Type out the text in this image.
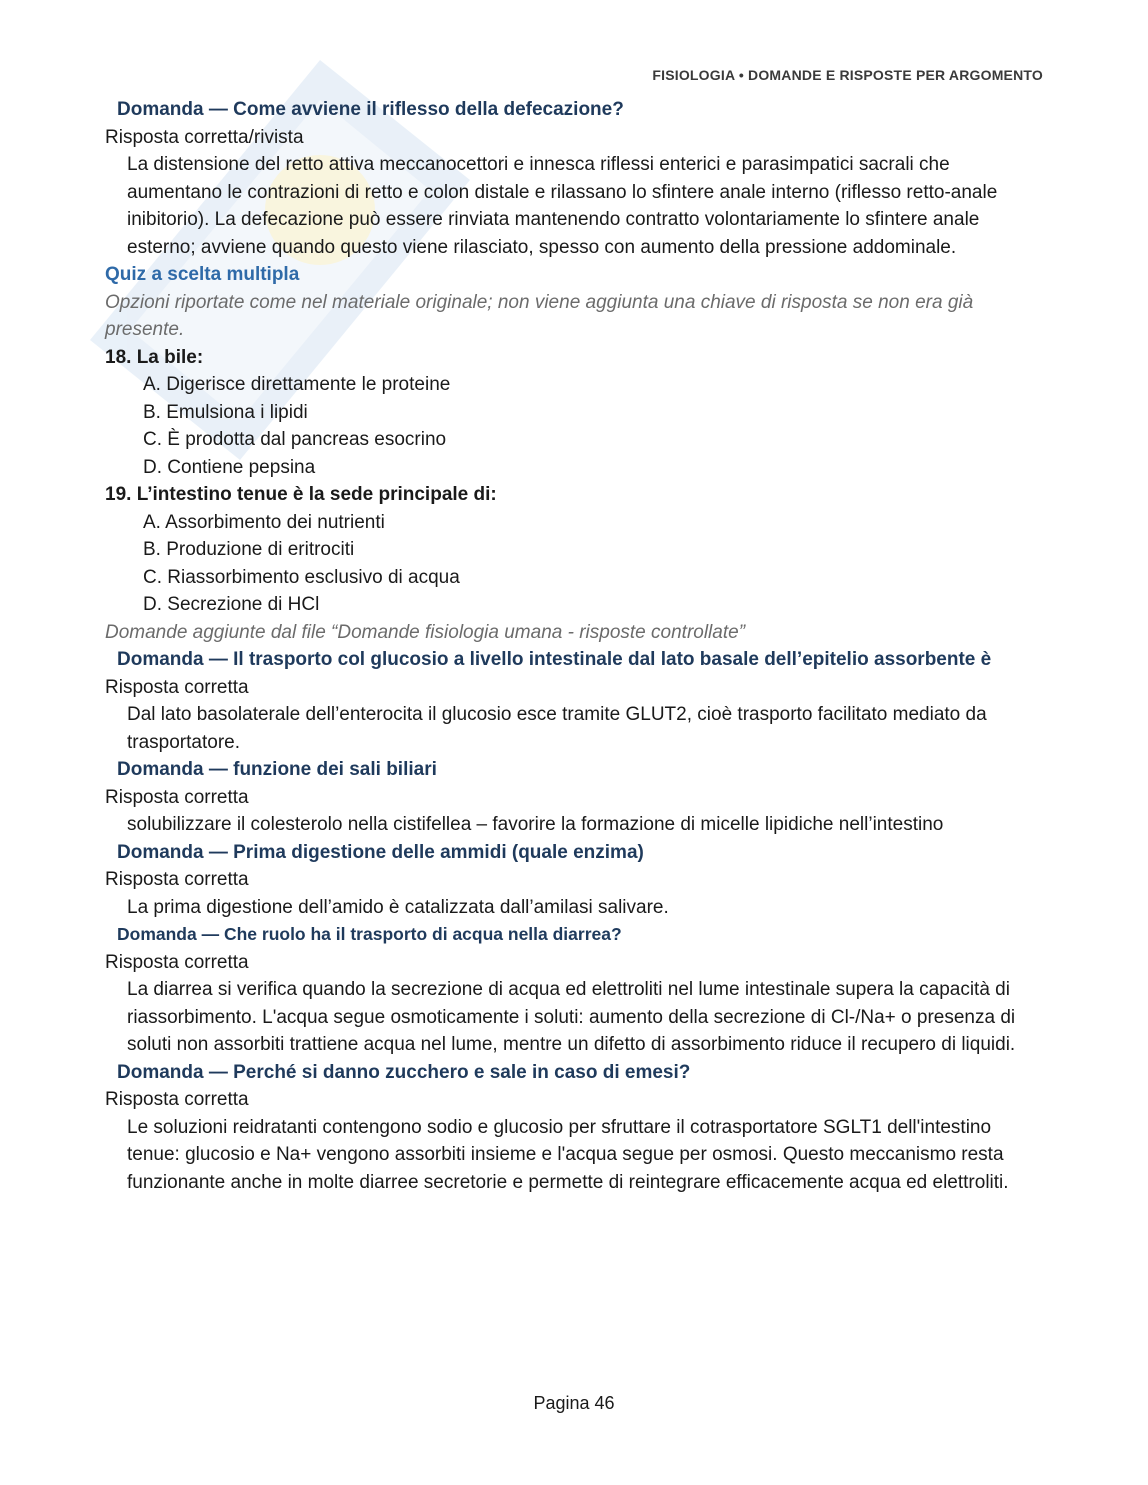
FISIOLOGIA • DOMANDE E RISPOSTE PER ARGOMENTO
Domanda — Come avviene il riflesso della defecazione?
Risposta corretta/rivista
La distensione del retto attiva meccanocettori e innesca riflessi enterici e parasimpatici sacrali che aumentano le contrazioni di retto e colon distale e rilassano lo sfintere anale interno (riflesso retto-anale inibitorio). La defecazione può essere rinviata mantenendo contratto volontariamente lo sfintere anale esterno; avviene quando questo viene rilasciato, spesso con aumento della pressione addominale.
Quiz a scelta multipla
Opzioni riportate come nel materiale originale; non viene aggiunta una chiave di risposta se non era già presente.
18. La bile:
A. Digerisce direttamente le proteine
B. Emulsiona i lipidi
C. È prodotta dal pancreas esocrino
D. Contiene pepsina
19. L’intestino tenue è la sede principale di:
A. Assorbimento dei nutrienti
B. Produzione di eritrociti
C. Riassorbimento esclusivo di acqua
D. Secrezione di HCl
Domande aggiunte dal file “Domande fisiologia umana - risposte controllate”
Domanda — Il trasporto col glucosio a livello intestinale dal lato basale dell’epitelio assorbente è
Risposta corretta
Dal lato basolaterale dell’enterocita il glucosio esce tramite GLUT2, cioè trasporto facilitato mediato da trasportatore.
Domanda — funzione dei sali biliari
Risposta corretta
solubilizzare il colesterolo nella cistifellea – favorire la formazione di micelle lipidiche nell’intestino
Domanda — Prima digestione delle ammidi (quale enzima)
Risposta corretta
La prima digestione dell’amido è catalizzata dall’amilasi salivare.
Domanda — Che ruolo ha il trasporto di acqua nella diarrea?
Risposta corretta
La diarrea si verifica quando la secrezione di acqua ed elettroliti nel lume intestinale supera la capacità di riassorbimento. L'acqua segue osmoticamente i soluti: aumento della secrezione di Cl-/Na+ o presenza di soluti non assorbiti trattiene acqua nel lume, mentre un difetto di assorbimento riduce il recupero di liquidi.
Domanda — Perché si danno zucchero e sale in caso di emesi?
Risposta corretta
Le soluzioni reidratanti contengono sodio e glucosio per sfruttare il cotrasportatore SGLT1 dell'intestino tenue: glucosio e Na+ vengono assorbiti insieme e l'acqua segue per osmosi. Questo meccanismo resta funzionante anche in molte diarree secretorie e permette di reintegrare efficacemente acqua ed elettroliti.
Pagina 46
